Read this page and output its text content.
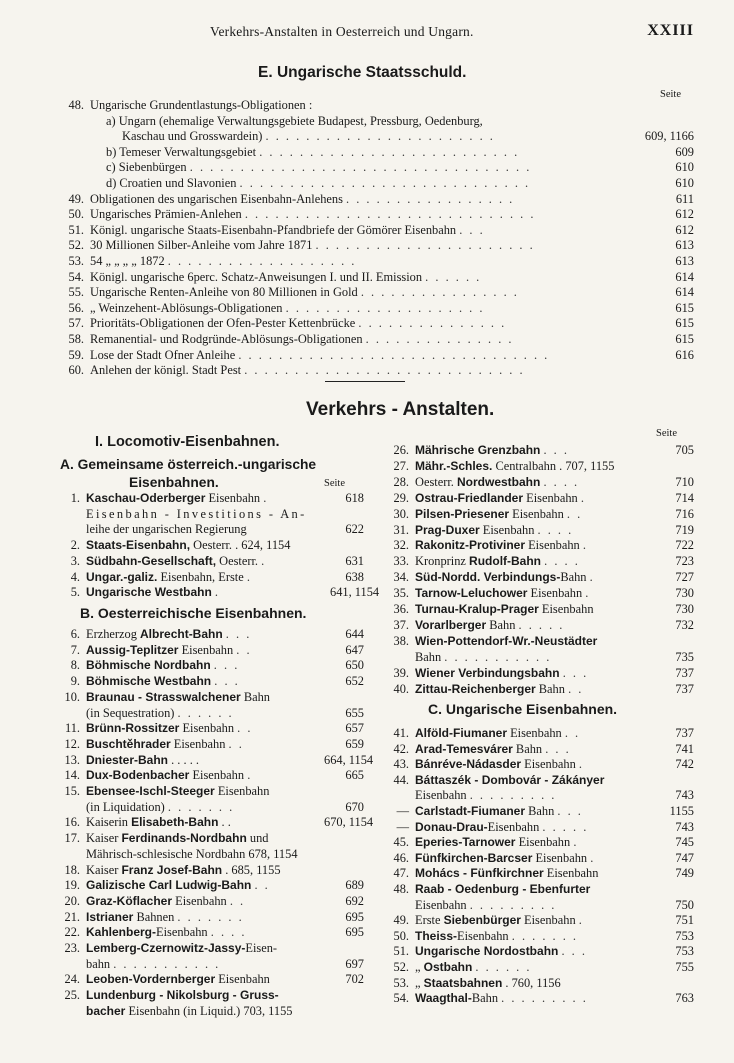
Verkehrs-Anstalten in Oesterreich und Ungarn.	XXIII
E. Ungarische Staatsschuld.
Seite
48. Ungarische Grundentlastungs-Obligationen :
a) Ungarn (ehemalige Verwaltungsgebiete Budapest, Pressburg, Oedenburg,
Kaschau und Grosswardein) . . . . . . . . . . . . . . . . . . . . . . .	609, 1166
b) Temeser Verwaltungsgebiet . . . . . . . . . . . . . . . . . . . . . . . . . .	609
c) Siebenbürgen . . . . . . . . . . . . . . . . . . . . . . . . . . . . . . . . . .	610
d) Croatien und Slavonien . . . . . . . . . . . . . . . . . . . . . . . . . . . . .	610
49. Obligationen des ungarischen Eisenbahn-Anlehens . . . . . . . . . . . . . . . . .	611
50. Ungarisches Prämien-Anlehen . . . . . . . . . . . . . . . . . . . . . . . . . . . . .	612
51. Königl. ungarische Staats-Eisenbahn-Pfandbriefe der Gömörer Eisenbahn . . .	612
52. 30 Millionen Silber-Anleihe vom Jahre 1871 . . . . . . . . . . . . . . . . . . . . . .	613
53. 54 „ „ „ „ 1872 . . . . . . . . . . . . . . . . . . .	613
54. Königl. ungarische 6perc. Schatz-Anweisungen I. und II. Emission . . . . . .	614
55. Ungarische Renten-Anleihe von 80 Millionen in Gold . . . . . . . . . . . . . . . .	614
56. „ Weinzehent-Ablösungs-Obligationen . . . . . . . . . . . . . . . . . . . .	615
57. Prioritäts-Obligationen der Ofen-Pester Kettenbrücke . . . . . . . . . . . . . . .	615
58. Remanential- und Rodgründe-Ablösungs-Obligationen . . . . . . . . . . . . . . .	615
59. Lose der Stadt Ofner Anleihe . . . . . . . . . . . . . . . . . . . . . . . . . . . . . . .	616
60. Anlehen der königl. Stadt Pest . . . . . . . . . . . . . . . . . . . . . . . . . . . .
Verkehrs - Anstalten.
I. Locomotiv-Eisenbahnen.
A. Gemeinsame österreich.-ungarische
Eisenbahnen.	Seite
1. Kaschau-Oderberger Eisenbahn .	618
Eisenbahn - Investitions - An-
leihe der ungarischen Regierung	622
2. Staats-Eisenbahn, Oesterr. . 624, 1154
3. Südbahn-Gesellschaft, Oesterr. .	631
4. Ungar.-galiz. Eisenbahn, Erste .	638
5. Ungarische Westbahn .	641, 1154
B. Oesterreichische Eisenbahnen.
6. Erzherzog Albrecht-Bahn . . .	644
7. Aussig-Teplitzer Eisenbahn . .	647
8. Böhmische Nordbahn . . .	650
9. Böhmische Westbahn . . .	652
10. Braunau - Strasswalchener Bahn
(in Sequestration) . . . . . .	655
11. Brünn-Rossitzer Eisenbahn . .	657
12. Buschtěhrader Eisenbahn . .	659
13. Dniester-Bahn . . . . .	664, 1154
14. Dux-Bodenbacher Eisenbahn .	665
15. Ebensee-Ischl-Steeger Eisenbahn
(in Liquidation) . . . . . . .	670
16. Kaiserin Elisabeth-Bahn . .	670, 1154
17. Kaiser Ferdinands-Nordbahn und
Mährisch-schlesische Nordbahn 678, 1154
18. Kaiser Franz Josef-Bahn . 685, 1155
19. Galizische Carl Ludwig-Bahn . .	689
20. Graz-Köflacher Eisenbahn . .	692
21. Istrianer Bahnen . . . . . . .	695
22. Kahlenberg-Eisenbahn . . . .	695
23. Lemberg-Czernowitz-Jassy-Eisen-
bahn . . . . . . . . . . .	697
24. Leoben-Vordernberger Eisenbahn	702
25. Lundenburg - Nikolsburg - Gruss-
bacher Eisenbahn (in Liquid.) 703, 1155
Seite
26. Mährische Grenzbahn . . .	705
27. Mähr.-Schles. Centralbahn . 707, 1155
28. Oesterr. Nordwestbahn . . . .	710
29. Ostrau-Friedlander Eisenbahn .	714
30. Pilsen-Priesener Eisenbahn . .	716
31. Prag-Duxer Eisenbahn . . . .	719
32. Rakonitz-Protiviner Eisenbahn .	722
33. Kronprinz Rudolf-Bahn . . . .	723
34. Süd-Nordd. Verbindungs-Bahn .	727
35. Tarnow-Leluchower Eisenbahn .	730
36. Turnau-Kralup-Prager Eisenbahn	730
37. Vorarlberger Bahn . . . . .	732
38. Wien-Pottendorf-Wr.-Neustädter
Bahn . . . . . . . . . . .	735
39. Wiener Verbindungsbahn . . .	737
40. Zittau-Reichenberger Bahn . .	737
C. Ungarische Eisenbahnen.
41. Alföld-Fiumaner Eisenbahn . .	737
42. Arad-Temesvárer Bahn . . .	741
43. Bánréve-Nádasder Eisenbahn .	742
44. Báttaszék - Dombovár - Zákányer
Eisenbahn . . . . . . . . .	743
— Carlstadt-Fiumaner Bahn . . .	1155
— Donau-Drau-Eisenbahn . . . . .	743
45. Eperies-Tarnower Eisenbahn .	745
46. Fünfkirchen-Barcser Eisenbahn .	747
47. Mohács - Fünfkirchner Eisenbahn	749
48. Raab - Oedenburg - Ebenfurter
Eisenbahn . . . . . . . . .	750
49. Erste Siebenbürger Eisenbahn .	751
50. Theiss-Eisenbahn . . . . . . .	753
51. Ungarische Nordostbahn . . .	753
52. „ Ostbahn . . . . . .	755
53. „ Staatsbahnen . 760, 1156
54. Waagthal-Bahn . . . . . . . . .	763
